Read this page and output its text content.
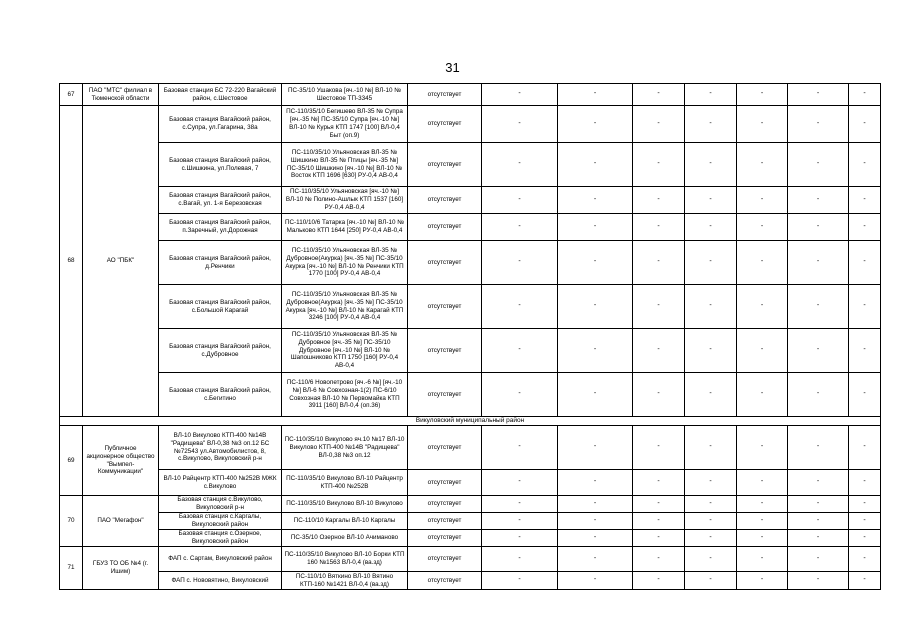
31
67	ПАО "МТС" филиал в Тюменской области	Базовая станция БС 72-220 Вагайский район, с.Шестовое	ПС-35/10 Ушакова [яч.-10 №] ВЛ-10 № Шестовое ТП-3345	отсутствует	-	-	-	-	-	-	-
68	АО "ПБК"	Базовая станция Вагайский район, с.Супра, ул.Гагарина, 38а	ПС-110/35/10 Бегишево ВЛ-35 № Супра [яч.-35 №] ПС-35/10 Супра [яч.-10 №] ВЛ-10 № Курья КТП 1747 [100] ВЛ-0,4 Быт (оп.9)	отсутствует	-	-	-	-	-	-	-
		Базовая станция Вагайский район, с.Шишкина, ул.Полевая, 7	ПС-110/35/10 Ульяновская ВЛ-35 № Шишкино ВЛ-35 № Птицы [яч.-35 №] ПС-35/10 Шишкино [яч.-10 №] ВЛ-10 № Восток КТП 1696 [630] РУ-0,4 АВ-0,4	отсутствует	-	-	-	-	-	-	-
		Базовая станция Вагайский район, с.Вагай, ул. 1-я Березовская	ПС-110/35/10 Ульяновская [яч.-10 №] ВЛ-10 № Полино-Ашлык КТП 1537 [160] РУ-0,4 АВ-0,4	отсутствует	-	-	-	-	-	-	-
		Базовая станция Вагайский район, п.Заречный, ул.Дорожная	ПС-110/10/6 Татарка [яч.-10 №] ВЛ-10 № Мальково КТП 1644 [250] РУ-0,4 АВ-0,4	отсутствует	-	-	-	-	-	-	-
		Базовая станция Вагайский район, д.Ренчики	ПС-110/35/10 Ульяновская ВЛ-35 № Дубровное(Акурка) [яч.-35 №] ПС-35/10 Акурка [яч.-10 №] ВЛ-10 № Ренчики КТП 1770 [100] РУ-0,4 АВ-0,4	отсутствует	-	-	-	-	-	-	-
		Базовая станция Вагайский район, с.Большой Карагай	ПС-110/35/10 Ульяновская ВЛ-35 № Дубровное(Акурка) [яч.-35 №] ПС-35/10 Акурка [яч.-10 №] ВЛ-10 № Карагай КТП 3246 [100] РУ-0,4 АВ-0,4	отсутствует	-	-	-	-	-	-	-
		Базовая станция Вагайский район, с.Дубровное	ПС-110/35/10 Ульяновская ВЛ-35 № Дубровное [яч.-35 №] ПС-35/10 Дубровное [яч.-10 №] ВЛ-10 № Шапошниково КТП 1750 [160] РУ-0,4 АВ-0,4	отсутствует	-	-	-	-	-	-	-
		Базовая станция Вагайский район, с.Бегитино	ПС-110/6 Новопетрово [яч.-6 №] [яч.-10 №] ВЛ-6 № Совхозная-1(2) ПС-6/10 Совхозная ВЛ-10 № Первомайка КТП 3911 [160] ВЛ-0,4 (оп.36)	отсутствует	-	-	-	-	-	-	-
Викуловский муниципальный район											
69	Публичное акционерное общество "Вымпел-Коммуникации"	ВЛ-10 Викулово КТП-400 №14В "Радищева" ВЛ-0,38 №3 оп.12 БС №72543 ул.Автомобилистов, 8, с.Викулово, Викуловский р-н	ПС-110/35/10 Викулово яч.10 №17 ВЛ-10 Викулово КТП-400 №14В "Радищева" ВЛ-0,38 №3 оп.12	отсутствует	-	-	-	-	-	-	-
		ВЛ-10 Райцентр КТП-400 №252В МЖК с.Викулово	ПС-110/35/10 Викулово ВЛ-10 Райцентр КТП-400 №252В	отсутствует	-	-	-	-	-	-	-
70	ПАО "Мегафон"	Базовая станция с.Викулово, Викуловский р-н	ПС-110/35/10 Викулово ВЛ-10 Викулово	отсутствует	-	-	-	-	-	-	-
		Базовая станция с.Каргалы, Викуловский район	ПС-110/10 Каргалы ВЛ-10 Каргалы	отсутствует	-	-	-	-	-	-	-
		Базовая станция с.Озерное, Викуловский район	ПС-35/10 Озерное ВЛ-10 Ачиманово	отсутствует	-	-	-	-	-	-	-
71	ГБУЗ ТО ОБ №4 (г. Ишим)	ФАП с. Сартам, Викуловский район	ПС-110/35/10 Викулово ВЛ-10 Борки КТП 160 №1563 ВЛ-0,4 (ва.зд)	отсутствует	-	-	-	-	-	-	-
		ФАП с. Нововятино, Викуловский	ПС-110/10 Вяткино ВЛ-10 Вятино КТП-160 №1421 ВЛ-0,4 (ва.зд)	отсутствует	-	-	-	-	-	-	-
